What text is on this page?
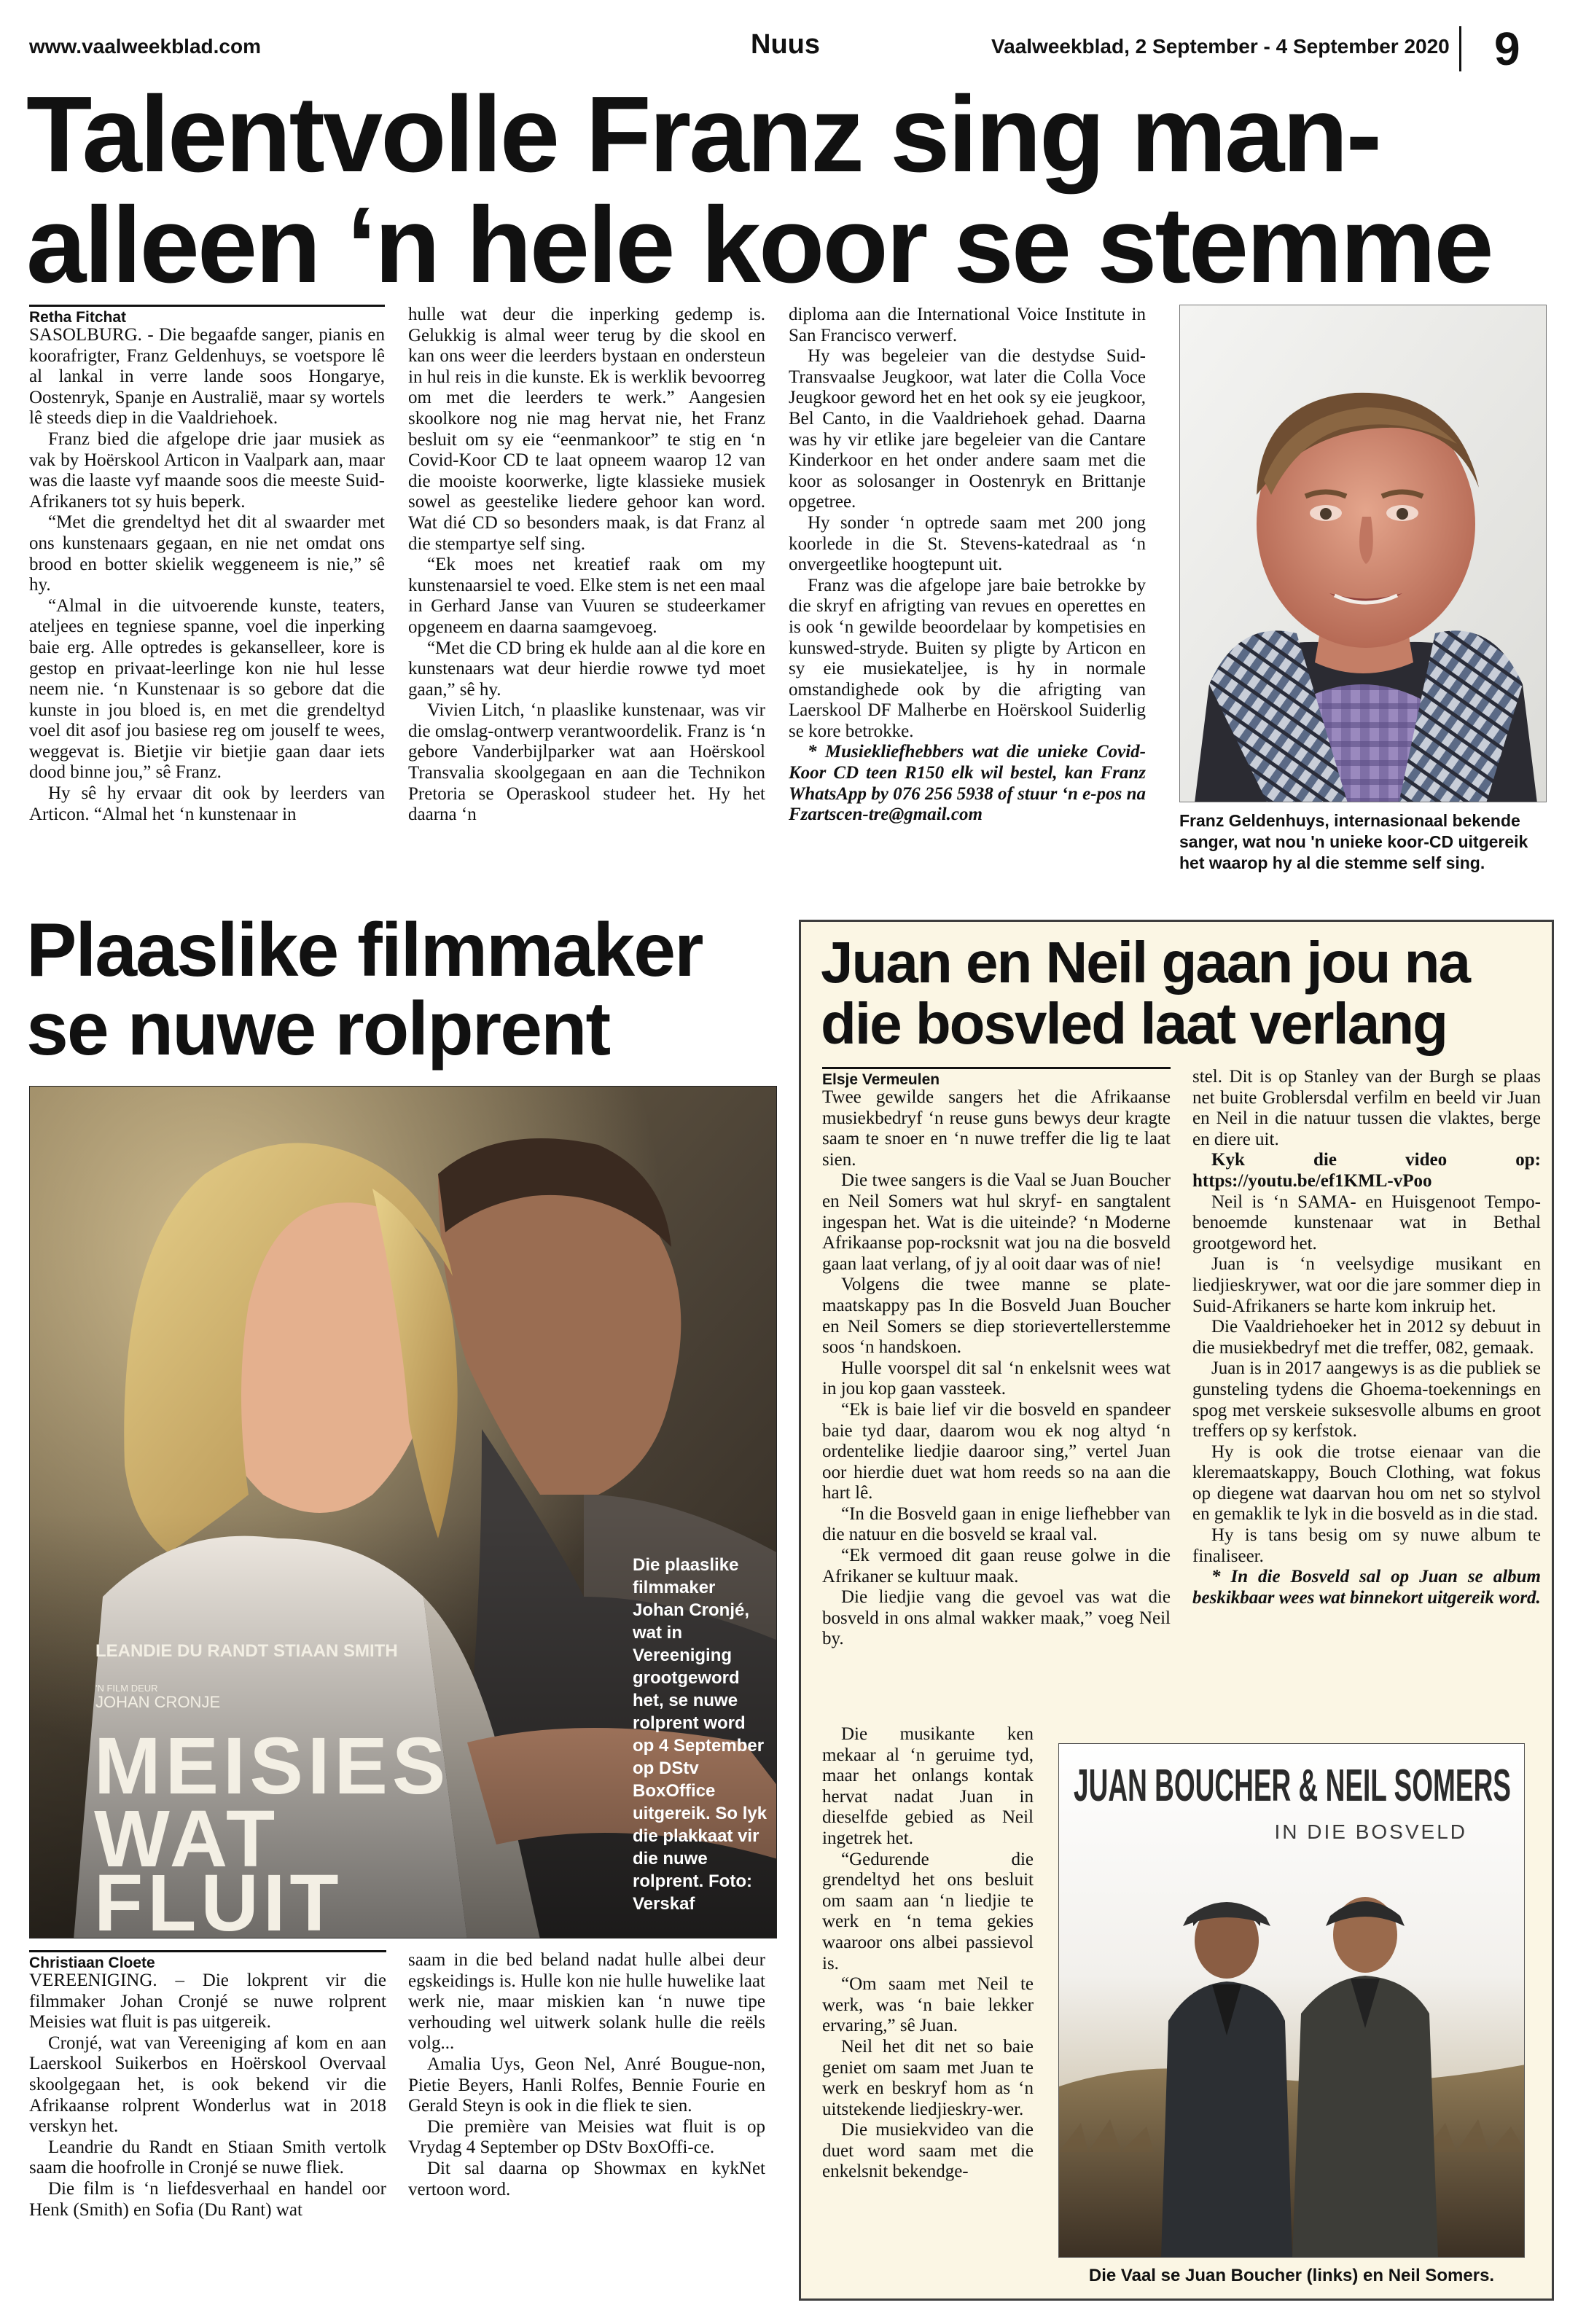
www.vaalweekblad.com	Nuus	Vaalweekblad, 2 September - 4 September 2020 9
Talentvolle Franz sing man-
alleen ‘n hele koor se stemme
Retha Fitchat

SASOLBURG. - Die begaafde sanger, pianis en koorafrigter, Franz Geldenhuys, se voetspore lê al lankal in verre lande soos Hongarye, Oostenryk, Spanje en Australië, maar sy wortels lê steeds diep in die Vaaldriehoek.

Franz bied die afgelope drie jaar musiek as vak by Hoërskool Articon in Vaalpark aan, maar was die laaste vyf maande soos die meeste Suid-Afrikaners tot sy huis beperk.

“Met die grendeltyd het dit al swaarder met ons kunstenaars gegaan, en nie net omdat ons brood en botter skielik weggeneem is nie,” sê hy.

“Almal in die uitvoerende kunste, teaters, ateljees en tegniese spanne, voel die inperking baie erg. Alle optredes is gekanselleer, kore is gestop en privaat-leerlinge kon nie hul lesse neem nie. ‘n Kunstenaar is so gebore dat die kunste in jou bloed is, en met die grendeltyd voel dit asof jou basiese reg om jouself te wees, weggevat is. Bietjie vir bietjie gaan daar iets dood binne jou,” sê Franz.

Hy sê hy ervaar dit ook by leerders van Articon. “Almal het ‘n kunstenaar in

hulle wat deur die inperking gedemp is. Gelukkig is almal weer terug by die skool en kan ons weer die leerders bystaan en ondersteun in hul reis in die kunste. Ek is werklik bevoorreg om met die leerders te werk.” Aangesien skoolkore nog nie mag hervat nie, het Franz besluit om sy eie “eenmankoor” te stig en ‘n Covid-Koor CD te laat opneem waarop 12 van die mooiste koorwerke, ligte klassieke musiek sowel as geestelike liedere gehoor kan word. Wat dié CD so besonders maak, is dat Franz al die stempartye self sing.

“Ek moes net kreatief raak om my kunstenaarsiel te voed. Elke stem is net een maal in Gerhard Janse van Vuuren se studeerkamer opgeneem en daarna saamgevoeg.

“Met die CD bring ek hulde aan al die kore en kunstenaars wat deur hierdie rowwe tyd moet gaan,” sê hy.

Vivien Litch, ‘n plaaslike kunstenaar, was vir die omslag-ontwerp verantwoordelik. Franz is ‘n gebore Vanderbijlparker wat aan Hoërskool Transvalia skoolgegaan en aan die Technikon Pretoria se Operaskool studeer het. Hy het daarna ‘n

diploma aan die International Voice Institute in San Francisco verwerf.

Hy was begeleier van die destydse Suid-Transvaalse Jeugkoor, wat later die Colla Voce Jeugkoor geword het en het ook sy eie jeugkoor, Bel Canto, in die Vaaldriehoek gehad. Daarna was hy vir etlike jare begeleier van die Cantare Kinderkoor en het onder andere saam met die koor as solosanger in Oostenryk en Brittanje opgetree.

Hy sonder ‘n optrede saam met 200 jong koorlede in die St. Stevens-katedraal as ‘n onvergeetlike hoogtepunt uit.

Franz was die afgelope jare baie betrokke by die skryf en afrigting van revues en operettes en is ook ‘n gewilde beoordelaar by kompetisies en kunswed-stryde. Buiten sy pligte by Articon en sy eie musiekateljee, is hy in normale omstandighede ook by die afrigting van Laerskool DF Malherbe en Hoërskool Suiderlig se kore betrokke.

* Musiekliefhebbers wat die unieke Covid-Koor CD teen R150 elk wil bestel, kan Franz WhatsApp by 076 256 5938 of stuur ‘n e-pos na Fzartscen-tre@gmail.com	Franz Geldenhuys, internasionaal bekende sanger, wat nou 'n unieke koor-CD uitgereik het waarop hy al die stemme self sing.
Plaaslike filmmaker
se nuwe rolprent
LEANDIE DU RANDT STIAAN SMITH
'N FILM DEUR
JOHAN CRONJE
MEISIES
WAT
FLUIT
Die plaaslike filmmaker Johan Cronjé, wat in Vereeniging grootgeword het, se nuwe rolprent word op 4 September op DStv BoxOffice uitgereik. So lyk die plakkaat vir die nuwe rolprent. Foto: Verskaf
Christiaan Cloete

VEREENIGING. – Die lokprent vir die filmmaker Johan Cronjé se nuwe rolprent Meisies wat fluit is pas uitgereik.

Cronjé, wat van Vereeniging af kom en aan Laerskool Suikerbos en Hoërskool Overvaal skoolgegaan het, is ook bekend vir die Afrikaanse rolprent Wonderlus wat in 2018 verskyn het.

Leandrie du Randt en Stiaan Smith vertolk saam die hoofrolle in Cronjé se nuwe fliek.

Die film is ‘n liefdesverhaal en handel oor Henk (Smith) en Sofia (Du Rant) wat

saam in die bed beland nadat hulle albei deur egskeidings is. Hulle kon nie hulle huwelike laat werk nie, maar miskien kan ‘n nuwe tipe verhouding wel uitwerk solank hulle die reëls volg...

Amalia Uys, Geon Nel, Anré Bougue-non, Pietie Beyers, Hanli Rolfes, Bennie Fourie en Gerald Steyn is ook in die fliek te sien.

Die première van Meisies wat fluit is op Vrydag 4 September op DStv BoxOffi-ce.

Dit sal daarna op Showmax en kykNet vertoon word.

Juan en Neil gaan jou na
die bosvled laat verlang
Elsje Vermeulen

Twee gewilde sangers het die Afrikaanse musiekbedryf ‘n reuse guns bewys deur kragte saam te snoer en ‘n nuwe treffer die lig te laat sien.

Die twee sangers is die Vaal se Juan Boucher en Neil Somers wat hul skryf- en sangtalent ingespan het. Wat is die uiteinde? ‘n Moderne Afrikaanse pop-rocksnit wat jou na die bosveld gaan laat verlang, of jy al ooit daar was of nie!

Volgens die twee manne se plate-maatskappy pas In die Bosveld Juan Boucher en Neil Somers se diep storievertellerstemme soos ‘n handskoen.

Hulle voorspel dit sal ‘n enkelsnit wees wat in jou kop gaan vassteek.

“Ek is baie lief vir die bosveld en spandeer baie tyd daar, daarom wou ek nog altyd ‘n ordentelike liedjie daaroor sing,” vertel Juan oor hierdie duet wat hom reeds so na aan die hart lê.

“In die Bosveld gaan in enige liefhebber van die natuur en die bosveld se kraal val.

“Ek vermoed dit gaan reuse golwe in die Afrikaner se kultuur maak.

Die liedjie vang die gevoel vas wat die bosveld in ons almal wakker maak,” voeg Neil by.

Die musikante ken mekaar al ‘n geruime tyd, maar het onlangs kontak hervat nadat Juan in dieselfde gebied as Neil ingetrek het.

“Gedurende die grendeltyd het ons besluit om saam aan ‘n liedjie te werk en ‘n tema gekies waaroor ons albei passievol is.

“Om saam met Neil te werk, was ‘n baie lekker ervaring,” sê Juan.

Neil het dit net so baie geniet om saam met Juan te werk en beskryf hom as ‘n uitstekende liedjieskry-wer.

Die musiekvideo van die duet word saam met die enkelsnit bekendge-

stel. Dit is op Stanley van der Burgh se plaas net buite Groblersdal verfilm en beeld vir Juan en Neil in die natuur tussen die vlaktes, berge en diere uit.

Kyk die video op: https://youtu.be/ef1KML-vPoo

Neil is ‘n SAMA- en Huisgenoot Tempo-benoemde kunstenaar wat in Bethal grootgeword het.

Juan is ‘n veelsydige musikant en liedjieskrywer, wat oor die jare sommer diep in Suid-Afrikaners se harte kom inkruip het.

Die Vaaldriehoeker het in 2012 sy debuut in die musiekbedryf met die treffer, 082, gemaak.

Juan is in 2017 aangewys is as die publiek se gunsteling tydens die Ghoema-toekennings en spog met verskeie suksesvolle albums en groot treffers op sy kerfstok.

Hy is ook die trotse eienaar van die kleremaatskappy, Bouch Clothing, wat fokus op diegene wat daarvan hou om net so stylvol en gemaklik te lyk in die bosveld as in die stad.

Hy is tans besig om sy nuwe album te finaliseer.

* In die Bosveld sal op Juan se album beskikbaar wees wat binnekort uitgereik word.

JUAN BOUCHER & NEIL SOMERS
IN DIE BOSVELD
Die Vaal se Juan Boucher (links) en Neil Somers.
